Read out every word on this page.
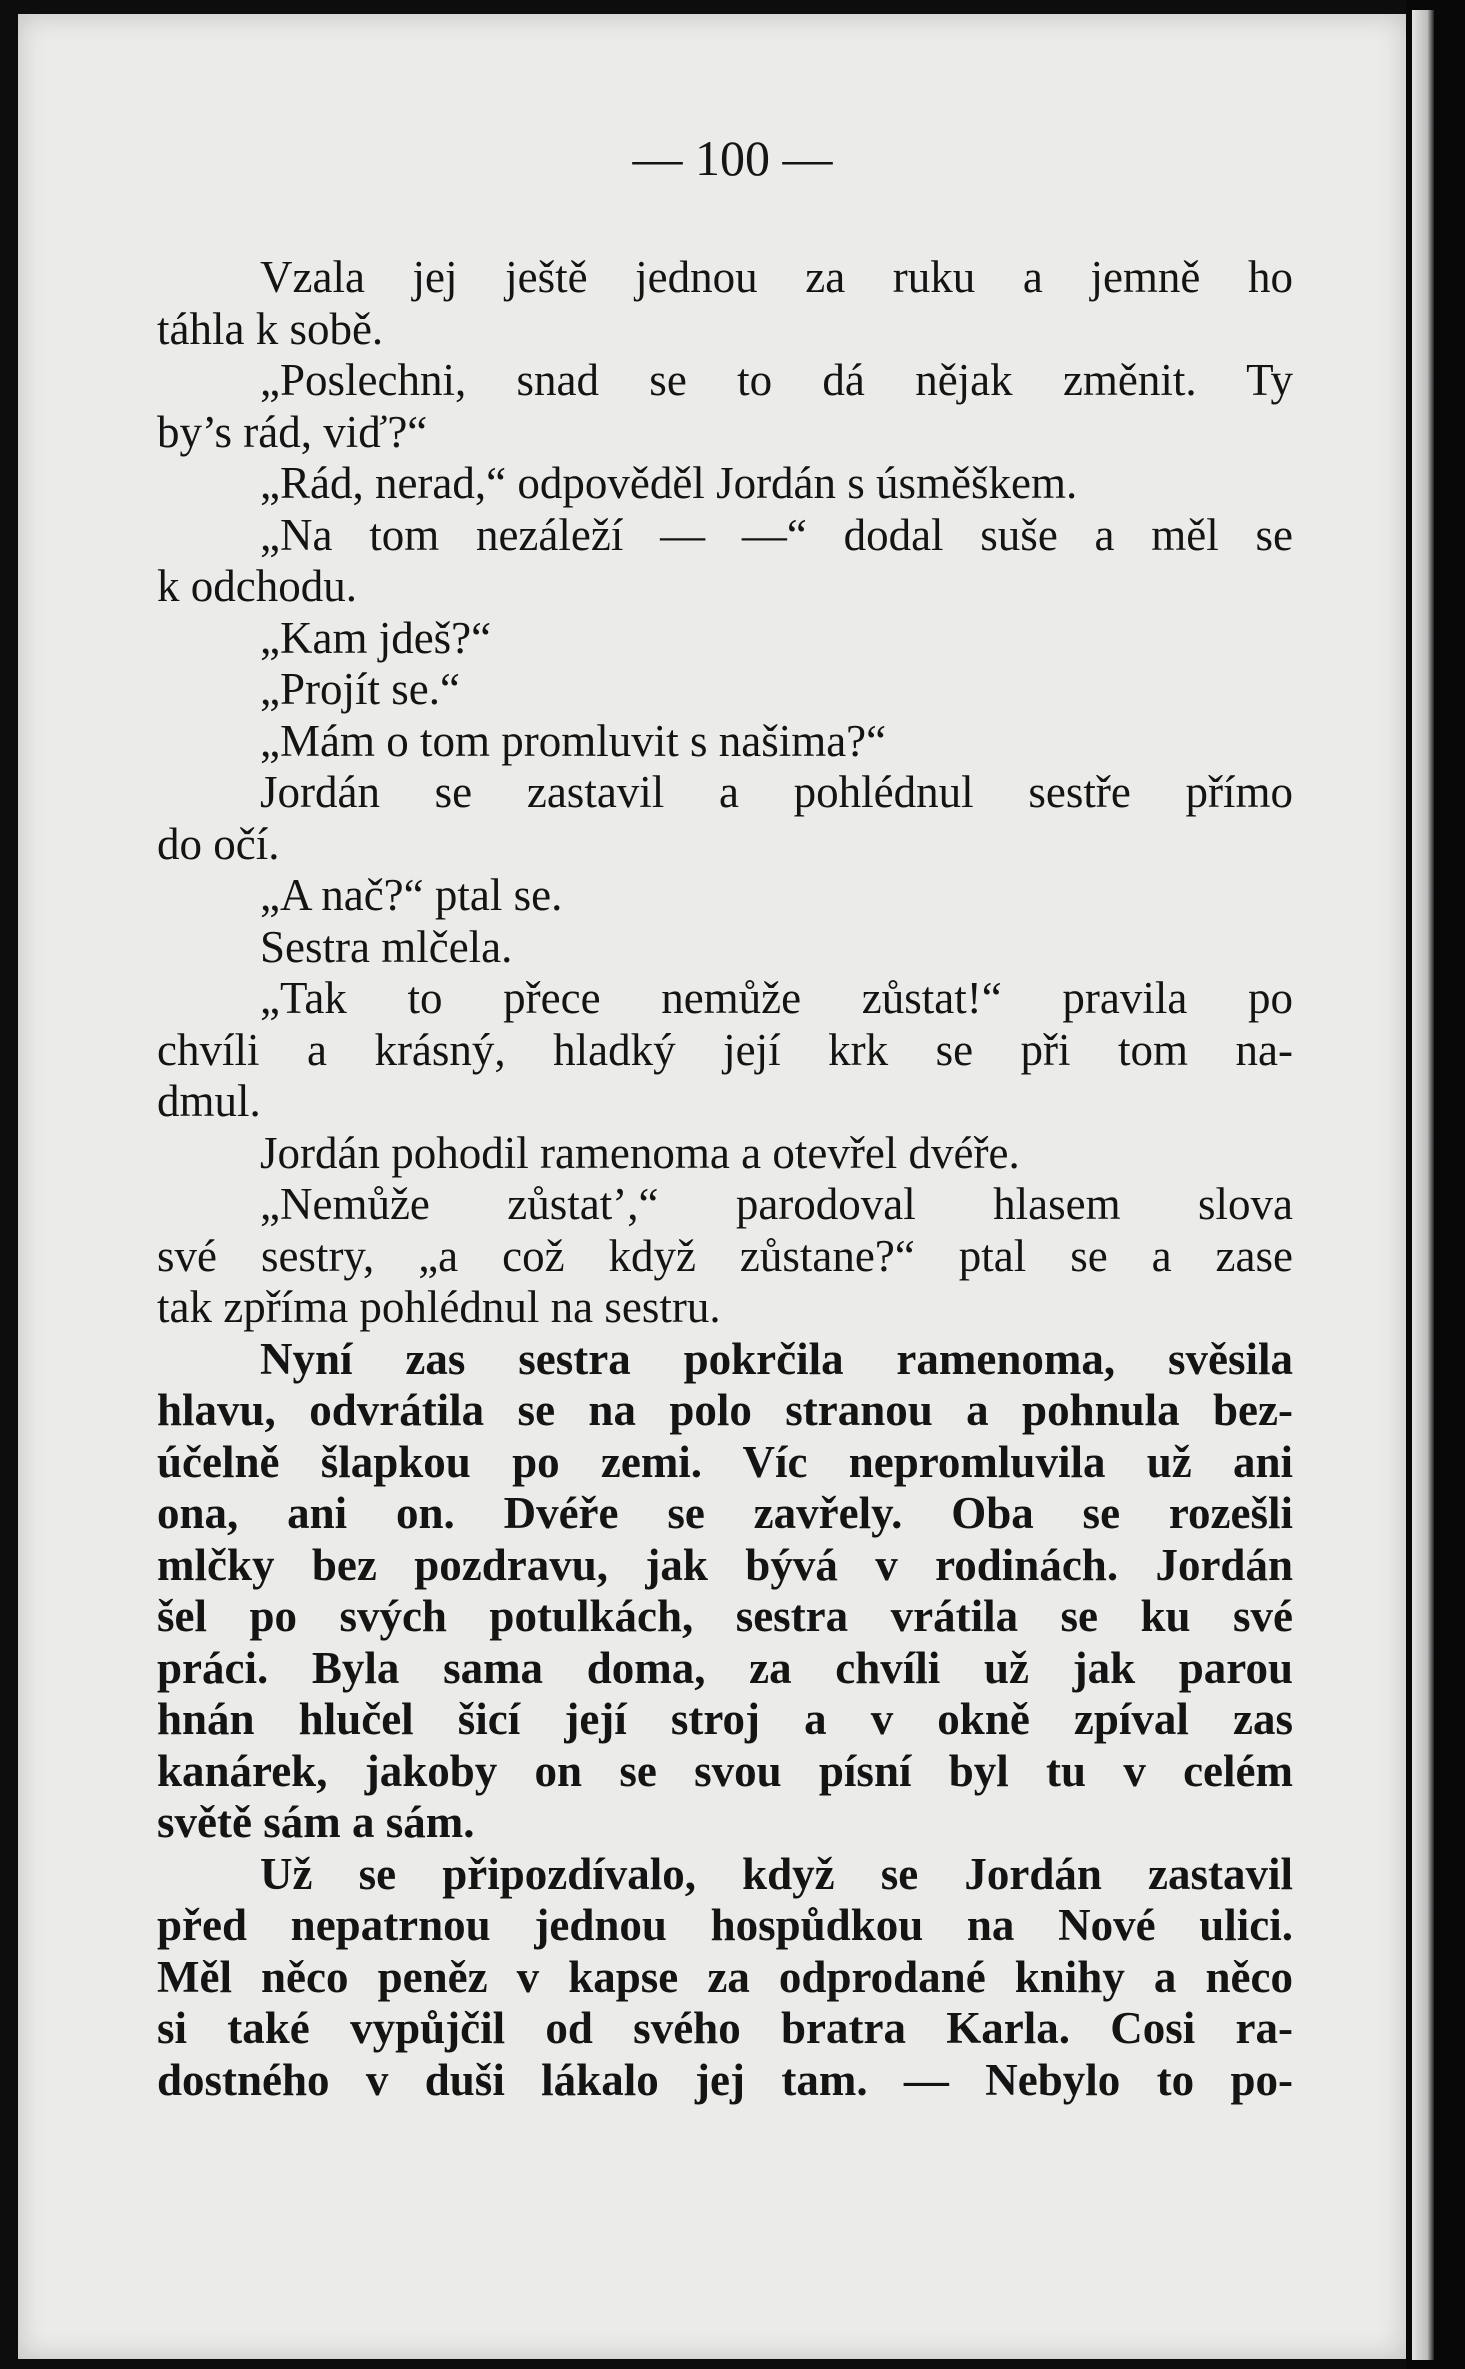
— 100 —
Vzala jej ještě jednou za ruku a jemně ho
táhla k sobě.
„Poslechni, snad se to dá nějak změnit. Ty
by’s rád, viď?“
„Rád, nerad,“ odpověděl Jordán s úsměškem.
„Na tom nezáleží — —“ dodal suše a měl se
k odchodu.
„Kam jdeš?“
„Projít se.“
„Mám o tom promluvit s našima?“
Jordán se zastavil a pohlédnul sestře přímo
do očí.
„A nač?“ ptal se.
Sestra mlčela.
„Tak to přece nemůže zůstat!“ pravila po
chvíli a krásný, hladký její krk se při tom na-
dmul.
Jordán pohodil ramenoma a otevřel dvéře.
„Nemůže zůstat’,“ parodoval hlasem slova
své sestry, „a což když zůstane?“ ptal se a zase
tak zpříma pohlédnul na sestru.
Nyní zas sestra pokrčila ramenoma, svěsila
hlavu, odvrátila se na polo stranou a pohnula bez-
účelně šlapkou po zemi. Víc nepromluvila už ani
ona, ani on. Dvéře se zavřely. Oba se rozešli
mlčky bez pozdravu, jak bývá v rodinách. Jordán
šel po svých potulkách, sestra vrátila se ku své
práci. Byla sama doma, za chvíli už jak parou
hnán hlučel šicí její stroj a v okně zpíval zas
kanárek, jakoby on se svou písní byl tu v celém
světě sám a sám.
Už se připozdívalo, když se Jordán zastavil
před nepatrnou jednou hospůdkou na Nové ulici.
Měl něco peněz v kapse za odprodané knihy a něco
si také vypůjčil od svého bratra Karla. Cosi ra-
dostného v duši lákalo jej tam. — Nebylo to po-
